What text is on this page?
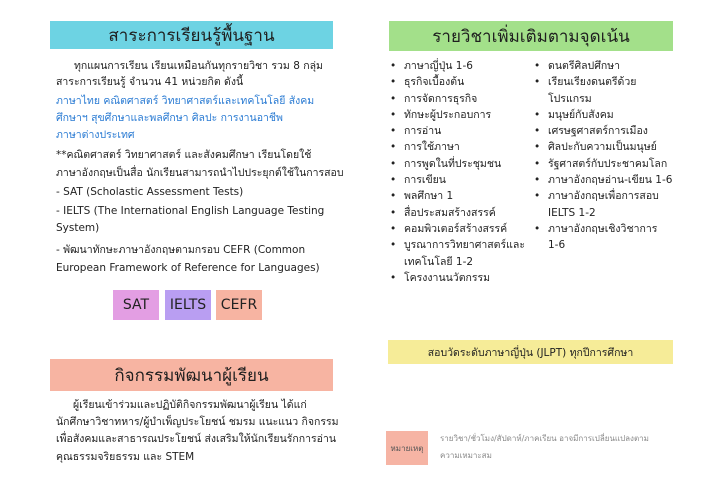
สาระการเรียนรู้พื้นฐาน
ทุกแผนการเรียน เรียนเหมือนกันทุกรายวิชา รวม 8 กลุ่ม
สาระการเรียนรู้ จำนวน 41 หน่วยกิต ดังนี้
ภาษาไทย คณิตศาสตร์ วิทยาศาสตร์และเทคโนโลยี สังคม
ศึกษาฯ สุขศึกษาและพลศึกษา ศิลปะ การงานอาชีพ
ภาษาต่างประเทศ
**คณิตศาสตร์ วิทยาศาสตร์ และสังคมศึกษา เรียนโดยใช้
ภาษาอังกฤษเป็นสื่อ นักเรียนสามารถนำไปประยุกต์ใช้ในการสอบ
- SAT (Scholastic Assessment Tests)
- IELTS (The International English Language Testing
System)
- พัฒนาทักษะภาษาอังกฤษตามกรอบ CEFR (Common
European Framework of Reference for Languages)
SAT IELTS CEFR
กิจกรรมพัฒนาผู้เรียน
ผู้เรียนเข้าร่วมและปฏิบัติกิจกรรมพัฒนาผู้เรียน ได้แก่
นักศึกษาวิชาทหาร/ผู้บำเพ็ญประโยชน์ ชมรม แนะแนว กิจกรรม
เพื่อสังคมและสาธารณประโยชน์ ส่งเสริมให้นักเรียนรักการอ่าน
คุณธรรมจริยธรรม และ STEM
รายวิชาเพิ่มเติมตามจุดเน้น
• ภาษาญี่ปุ่น 1-6
• ธุรกิจเบื้องต้น
• การจัดการธุรกิจ
• ทักษะผู้ประกอบการ
• การอ่าน
• การใช้ภาษา
• การพูดในที่ประชุมชน
• การเขียน
• พลศึกษา 1
• สื่อประสมสร้างสรรค์
• คอมพิวเตอร์สร้างสรรค์
• บูรณาการวิทยาศาสตร์และ
เทคโนโลยี 1-2
• โครงงานนวัตกรรม
• ดนตรีศิลปศึกษา
• เรียนเรียงดนตรีด้วย
โปรแกรม
• มนุษย์กับสังคม
• เศรษฐศาสตร์การเมือง
• ศิลปะกับความเป็นมนุษย์
• รัฐศาสตร์กับประชาคมโลก
• ภาษาอังกฤษอ่าน-เขียน 1-6
• ภาษาอังกฤษเพื่อการสอบ
IELTS 1-2
• ภาษาอังกฤษเชิงวิชาการ
1-6
สอบวัดระดับภาษาญี่ปุ่น (JLPT) ทุกปีการศึกษา
หมายเหตุ
รายวิชา/ชั่วโมง/สัปดาห์/ภาคเรียน อาจมีการเปลี่ยนแปลงตาม
ความเหมาะสม
